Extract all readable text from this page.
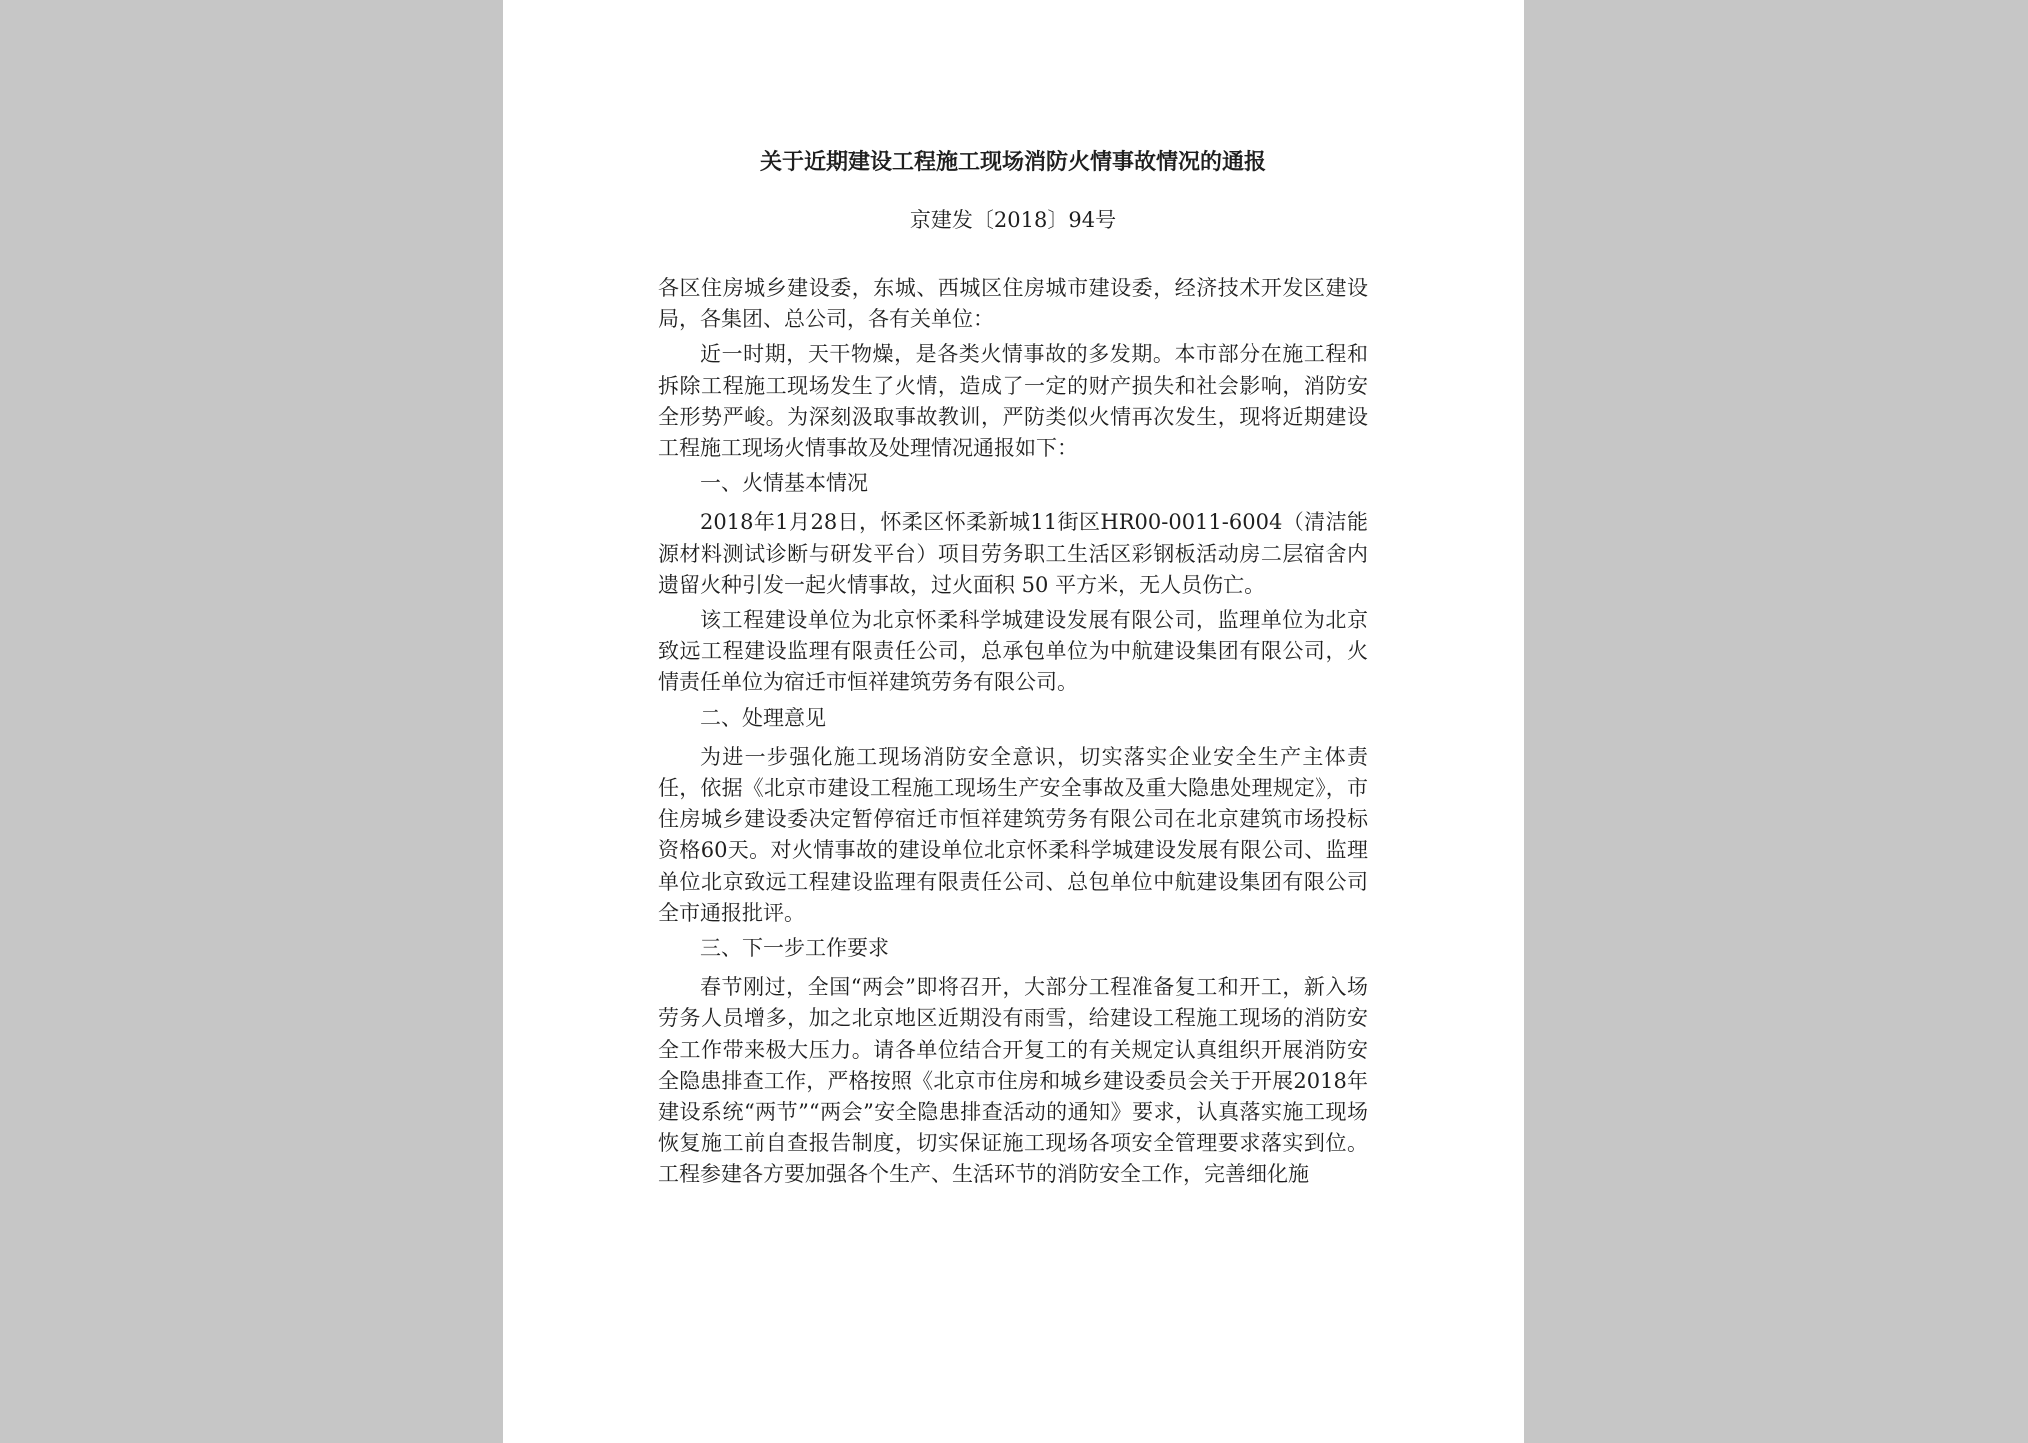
关于近期建设工程施工现场消防火情事故情况的通报
京建发〔2018〕94号

各区住房城乡建设委，东城、西城区住房城市建设委，经济技术开发区建设局，各集团、总公司，各有关单位：

近一时期，天干物燥，是各类火情事故的多发期。本市部分在施工程和拆除工程施工现场发生了火情，造成了一定的财产损失和社会影响，消防安全形势严峻。为深刻汲取事故教训，严防类似火情再次发生，现将近期建设工程施工现场火情事故及处理情况通报如下：

一、火情基本情况

2018年1月28日，怀柔区怀柔新城11街区HR00-0011-6004（清洁能源材料测试诊断与研发平台）项目劳务职工生活区彩钢板活动房二层宿舍内遗留火种引发一起火情事故，过火面积 50 平方米，无人员伤亡。

该工程建设单位为北京怀柔科学城建设发展有限公司，监理单位为北京致远工程建设监理有限责任公司，总承包单位为中航建设集团有限公司，火情责任单位为宿迁市恒祥建筑劳务有限公司。

二、处理意见

为进一步强化施工现场消防安全意识，切实落实企业安全生产主体责任，依据《北京市建设工程施工现场生产安全事故及重大隐患处理规定》，市住房城乡建设委决定暂停宿迁市恒祥建筑劳务有限公司在北京建筑市场投标资格60天。对火情事故的建设单位北京怀柔科学城建设发展有限公司、监理单位北京致远工程建设监理有限责任公司、总包单位中航建设集团有限公司全市通报批评。

三、下一步工作要求

春节刚过，全国“两会”即将召开，大部分工程准备复工和开工，新入场劳务人员增多，加之北京地区近期没有雨雪，给建设工程施工现场的消防安全工作带来极大压力。请各单位结合开复工的有关规定认真组织开展消防安全隐患排查工作，严格按照《北京市住房和城乡建设委员会关于开展2018年建设系统“两节”“两会”安全隐患排查活动的通知》要求，认真落实施工现场恢复施工前自查报告制度，切实保证施工现场各项安全管理要求落实到位。工程参建各方要加强各个生产、生活环节的消防安全工作，完善细化施
